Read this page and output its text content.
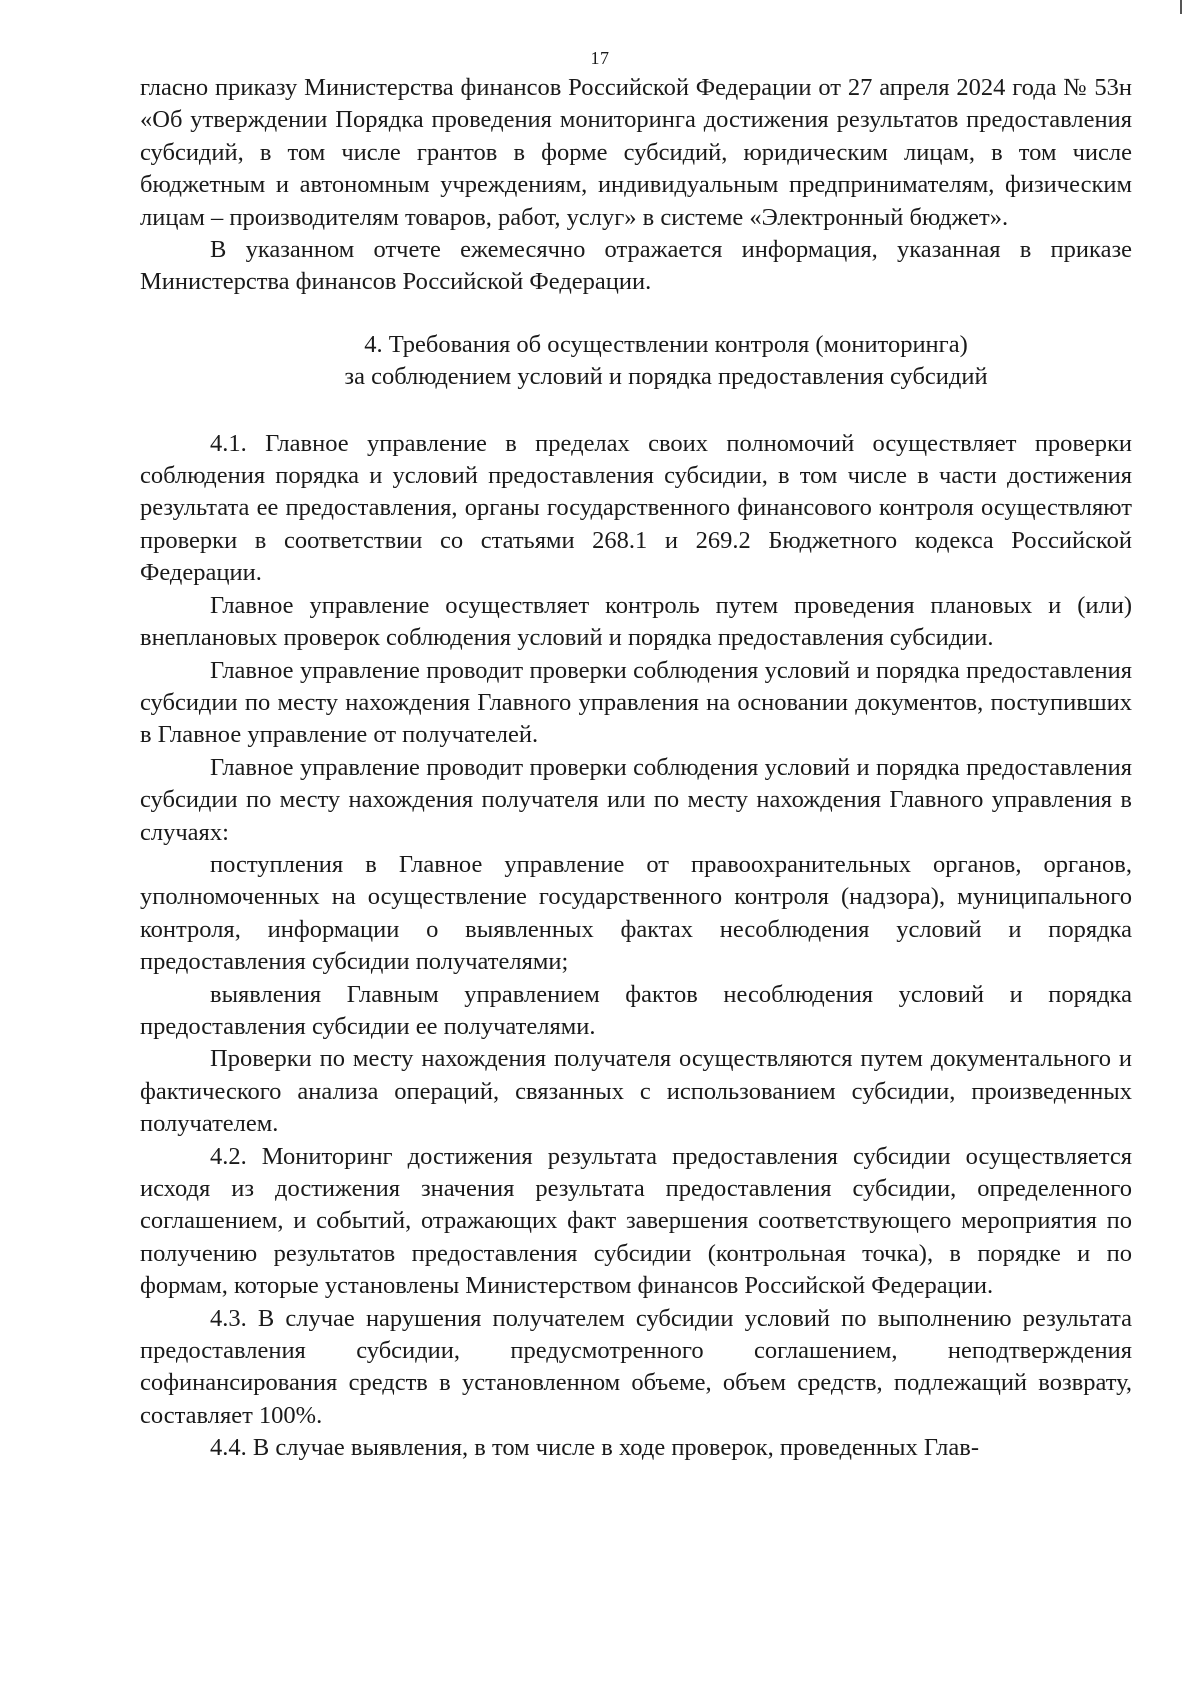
17

гласно приказу Министерства финансов Российской Федерации от 27 апреля 2024 года № 53н «Об утверждении Порядка проведения мониторинга достижения результатов предоставления субсидий, в том числе грантов в форме субсидий, юридическим лицам, в том числе бюджетным и автономным учреждениям, индивидуальным предпринимателям, физическим лицам – производителям товаров, работ, услуг» в системе «Электронный бюджет».

В указанном отчете ежемесячно отражается информация, указанная в приказе Министерства финансов Российской Федерации.

4. Требования об осуществлении контроля (мониторинга)

за соблюдением условий и порядка предоставления субсидий

4.1. Главное управление в пределах своих полномочий осуществляет проверки соблюдения порядка и условий предоставления субсидии, в том числе в части достижения результата ее предоставления, органы государственного финансового контроля осуществляют проверки в соответствии со статьями 268.1 и 269.2 Бюджетного кодекса Российской Федерации.

Главное управление осуществляет контроль путем проведения плановых и (или) внеплановых проверок соблюдения условий и порядка предоставления субсидии.

Главное управление проводит проверки соблюдения условий и порядка предоставления субсидии по месту нахождения Главного управления на основании документов, поступивших в Главное управление от получателей.

Главное управление проводит проверки соблюдения условий и порядка предоставления субсидии по месту нахождения получателя или по месту нахождения Главного управления в случаях:

поступления в Главное управление от правоохранительных органов, органов, уполномоченных на осуществление государственного контроля (надзора), муниципального контроля, информации о выявленных фактах несоблюдения условий и порядка предоставления субсидии получателями;

выявления Главным управлением фактов несоблюдения условий и порядка предоставления субсидии ее получателями.

Проверки по месту нахождения получателя осуществляются путем документального и фактического анализа операций, связанных с использованием субсидии, произведенных получателем.

4.2. Мониторинг достижения результата предоставления субсидии осуществляется исходя из достижения значения результата предоставления субсидии, определенного соглашением, и событий, отражающих факт завершения соответствующего мероприятия по получению результатов предоставления субсидии (контрольная точка), в порядке и по формам, которые установлены Министерством финансов Российской Федерации.

4.3. В случае нарушения получателем субсидии условий по выполнению результата предоставления субсидии, предусмотренного соглашением, неподтверждения софинансирования средств в установленном объеме, объем средств, подлежащий возврату, составляет 100%.

4.4. В случае выявления, в том числе в ходе проверок, проведенных Глав-
